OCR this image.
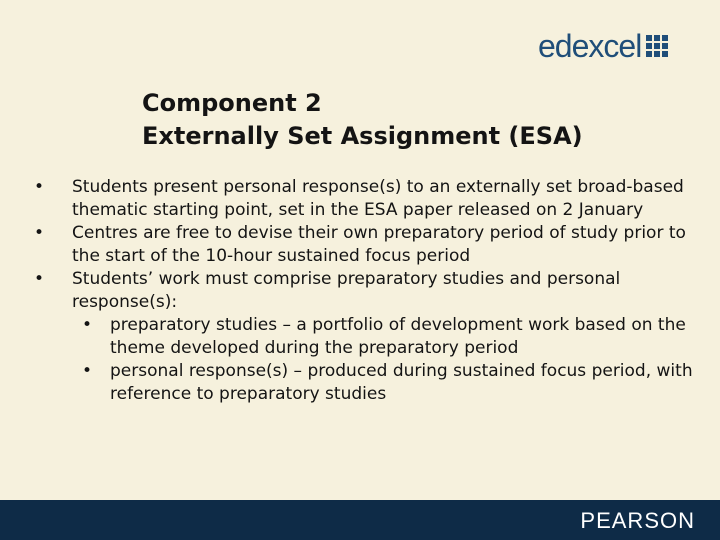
edexcel
Component 2
Externally Set Assignment (ESA)
• Students present personal response(s) to an externally set broad-based thematic starting point, set in the ESA paper released on 2 January
• Centres are free to devise their own preparatory period of study prior to the start of the 10-hour sustained focus period
• Students’ work must comprise preparatory studies and personal response(s):
• preparatory studies – a portfolio of development work based on the theme developed during the preparatory period
• personal response(s) – produced during sustained focus period, with reference to preparatory studies
PEARSON
